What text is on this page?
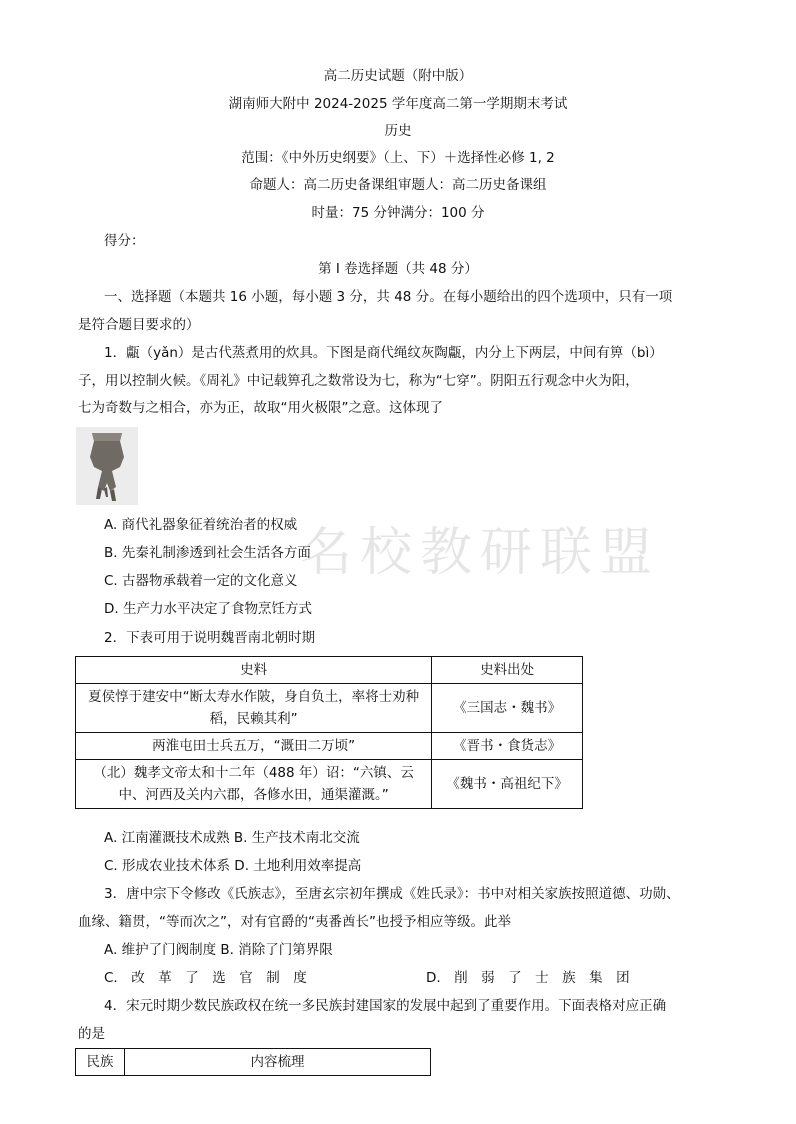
高二历史试题（附中版）
湖南师大附中 2024-2025 学年度高二第一学期期末考试
历史
范围：《中外历史纲要》（上、下）＋选择性必修 1, 2
命题人：高二历史备课组审题人：高二历史备课组
时量：75 分钟满分：100 分
得分：
第 I 卷选择题（共 48 分）
一、选择题（本题共 16 小题，每小题 3 分，共 48 分。在每小题给出的四个选项中，只有一项
是符合题目要求的）
1．甗（yǎn）是古代蒸煮用的炊具。下图是商代绳纹灰陶甗，内分上下两层，中间有箅（bì）
子，用以控制火候。《周礼》中记载箅孔之数常设为七，称为“七穿”。阴阳五行观念中火为阳，
七为奇数与之相合，亦为正，故取“用火极限”之意。这体现了
名校教研联盟
A. 商代礼器象征着统治者的权威
B. 先秦礼制渗透到社会生活各方面
C. 古器物承载着一定的文化意义
D. 生产力水平决定了食物烹饪方式
2．下表可用于说明魏晋南北朝时期
史料	史料出处
夏侯惇于建安中“断太寿水作陂，身自负土，率将士劝种稻，民赖其利”	《三国志・魏书》
两淮屯田士兵五万，“溉田二万顷”	《晋书・食货志》
（北）魏孝文帝太和十二年（488 年）诏：“六镇、云中、河西及关内六郡，各修水田，通渠灌溉。”	《魏书・高祖纪下》
A. 江南灌溉技术成熟 B. 生产技术南北交流
C. 形成农业技术体系 D. 土地利用效率提高
3．唐中宗下令修改《氏族志》，至唐玄宗初年撰成《姓氏录》：书中对相关家族按照道德、功勋、
血缘、籍贯，“等而次之”，对有官爵的“夷番酋长”也授予相应等级。此举
A. 维护了门阀制度 B. 消除了门第界限
C.　改　革　了　选　官　制　度	D.　削　弱　了　士　族　集　团
4．宋元时期少数民族政权在统一多民族封建国家的发展中起到了重要作用。下面表格对应正确
的是
民族	内容梳理
